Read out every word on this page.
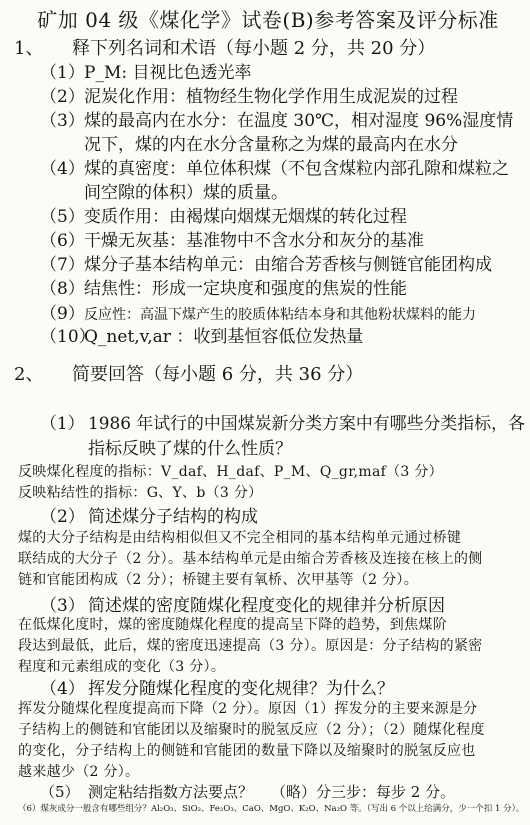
矿加 04 级《煤化学》试卷(B)参考答案及评分标准
1、 释下列名词和术语（每小题 2 分，共 20 分）
（1）P_M: 目视比色透光率
（2）泥炭化作用：植物经生物化学作用生成泥炭的过程
（3）煤的最高内在水分：在温度 30℃，相对湿度 96%湿度情
况下，煤的内在水分含量称之为煤的最高内在水分
（4）煤的真密度：单位体积煤（不包含煤粒内部孔隙和煤粒之
间空隙的体积）煤的质量。
（5）变质作用：由褐煤向烟煤无烟煤的转化过程
（6）干燥无灰基：基准物中不含水分和灰分的基准
（7）煤分子基本结构单元：由缩合芳香核与侧链官能团构成
（8）结焦性：形成一定块度和强度的焦炭的性能
（9）反应性：高温下煤产生的胶质体粘结本身和其他粉状煤料的能力
（10）Q_net,v,ar ：收到基恒容低位发热量
2、 简要回答（每小题 6 分，共 36 分）
（1） 1986 年试行的中国煤炭新分类方案中有哪些分类指标，各
指标反映了煤的什么性质？
反映煤化程度的指标：V_daf、H_daf、P_M、Q_gr,maf（3 分）
反映粘结性的指标：G、Y、b（3 分）
（2） 简述煤分子结构的构成
煤的大分子结构是由结构相似但又不完全相同的基本结构单元通过桥键
联结成的大分子（2 分）。基本结构单元是由缩合芳香核及连接在核上的侧
链和官能团构成（2 分）；桥键主要有氧桥、次甲基等（2 分）。
（3） 简述煤的密度随煤化程度变化的规律并分析原因
在低煤化度时，煤的密度随煤化程度的提高呈下降的趋势，到焦煤阶
段达到最低，此后，煤的密度迅速提高（3 分）。原因是：分子结构的紧密
程度和元素组成的变化（3 分）。
（4） 挥发分随煤化程度的变化规律？为什么？
挥发分随煤化程度提高而下降（2 分）。原因（1）挥发分的主要来源是分
子结构上的侧链和官能团以及缩聚时的脱氢反应（2 分）；（2）随煤化程度
的变化，分子结构上的侧链和官能团的数量下降以及缩聚时的脱氢反应也
越来越少（2 分）。
（5） 测定粘结指数方法要点？ （略）分三步：每步 2 分。
（6）煤灰成分一般含有哪些组分？Al₂O₃、SiO₂、Fe₂O₃、CaO、MgO、K₂O、Na₂O 等。（写出 6 个以上给满分，少一个扣 1 分）。
